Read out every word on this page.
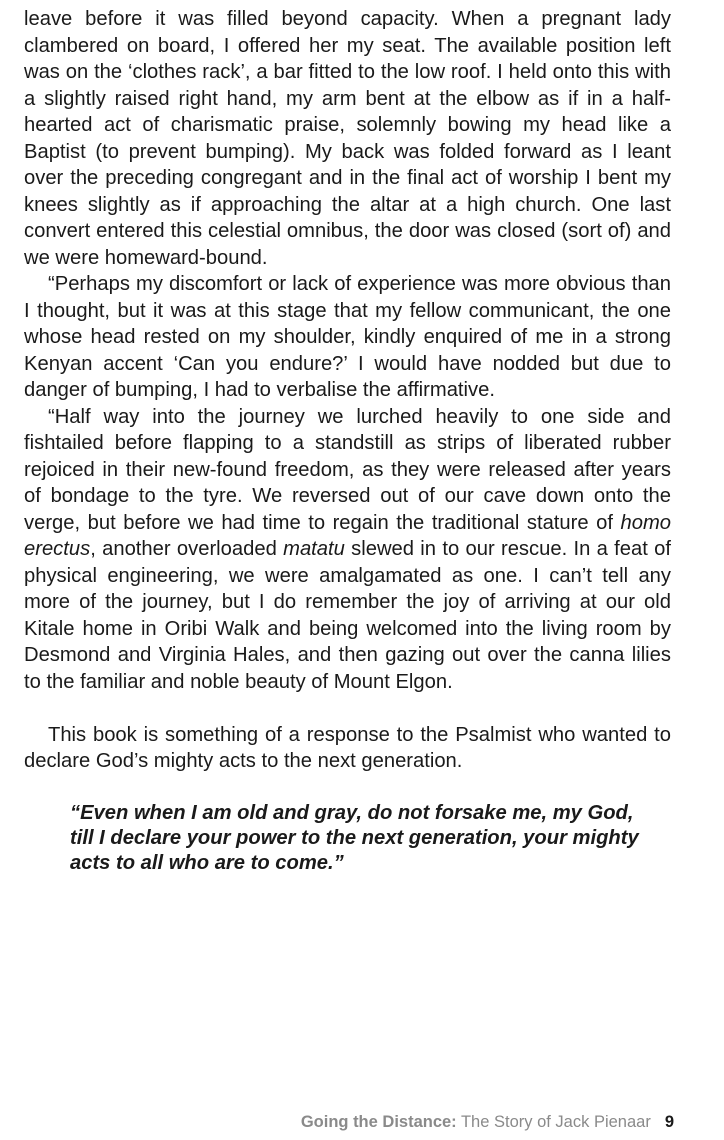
leave before it was filled beyond capacity. When a pregnant lady clambered on board, I offered her my seat. The available position left was on the ‘clothes rack’, a bar fitted to the low roof. I held onto this with a slightly raised right hand, my arm bent at the elbow as if in a half-hearted act of charismatic praise, solemnly bowing my head like a Baptist (to prevent bumping). My back was folded forward as I leant over the preceding congregant and in the final act of worship I bent my knees slightly as if approaching the altar at a high church. One last convert entered this celestial omnibus, the door was closed (sort of) and we were homeward-bound.

“Perhaps my discomfort or lack of experience was more obvious than I thought, but it was at this stage that my fellow communicant, the one whose head rested on my shoulder, kindly enquired of me in a strong Kenyan accent ‘Can you endure?’ I would have nodded but due to danger of bumping, I had to verbalise the affirmative.

“Half way into the journey we lurched heavily to one side and fishtailed before flapping to a standstill as strips of liberated rubber rejoiced in their new-found freedom, as they were released after years of bondage to the tyre. We reversed out of our cave down onto the verge, but before we had time to regain the traditional stature of homo erectus, another overloaded matatu slewed in to our rescue. In a feat of physical engineering, we were amalgamated as one. I can’t tell any more of the journey, but I do remember the joy of arriving at our old Kitale home in Oribi Walk and being welcomed into the living room by Desmond and Virginia Hales, and then gazing out over the canna lilies to the familiar and noble beauty of Mount Elgon.

This book is something of a response to the Psalmist who wanted to declare God’s mighty acts to the next generation.

“Even when I am old and gray, do not forsake me, my God, till I declare your power to the next generation, your mighty acts to all who are to come.”

Going the Distance: The Story of Jack Pienaar 9
